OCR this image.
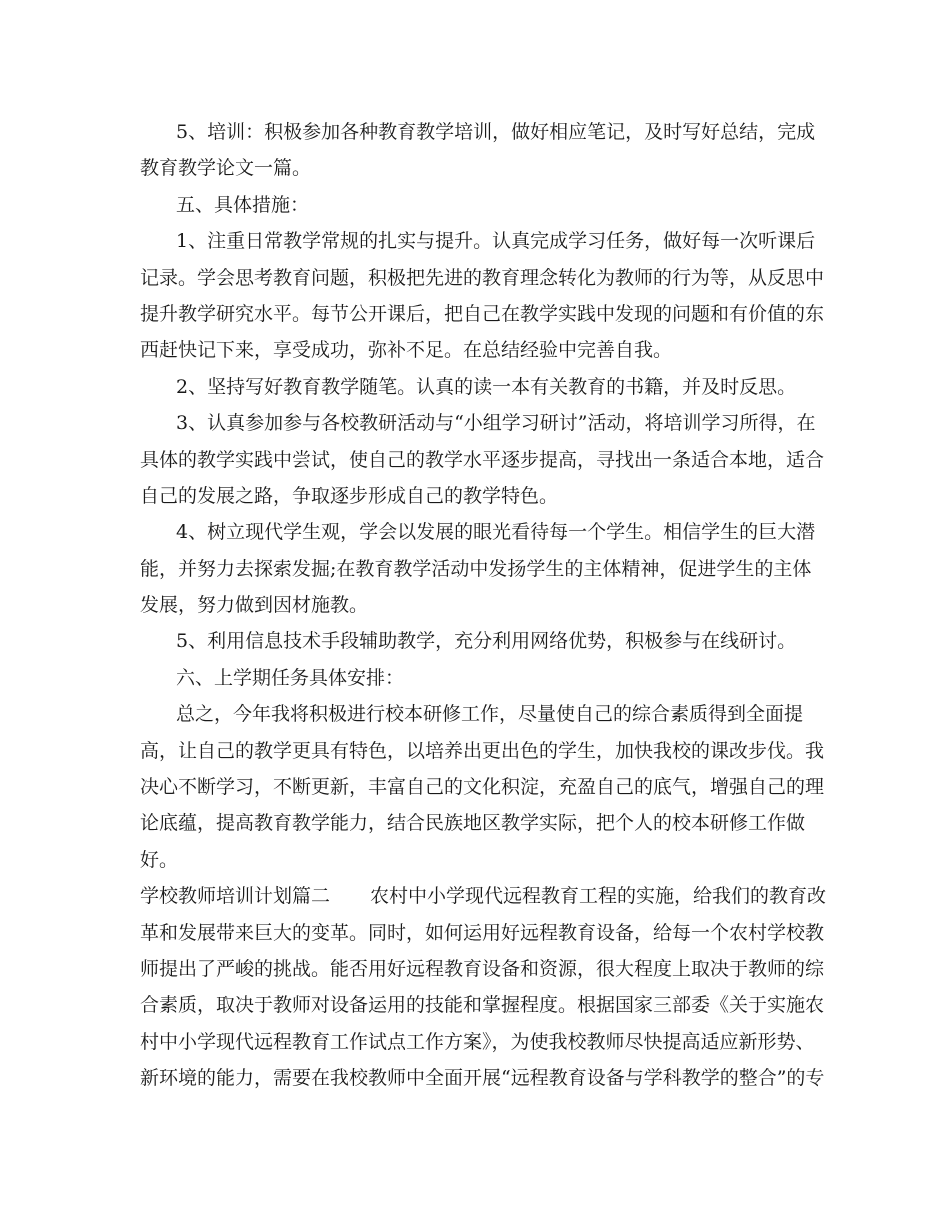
5、培训：积极参加各种教育教学培训，做好相应笔记，及时写好总结，完成
教育教学论文一篇。
五、具体措施：
1、注重日常教学常规的扎实与提升。认真完成学习任务，做好每一次听课后
记录。学会思考教育问题，积极把先进的教育理念转化为教师的行为等，从反思中
提升教学研究水平。每节公开课后，把自己在教学实践中发现的问题和有价值的东
西赶快记下来，享受成功，弥补不足。在总结经验中完善自我。
2、坚持写好教育教学随笔。认真的读一本有关教育的书籍，并及时反思。
3、认真参加参与各校教研活动与“小组学习研讨”活动，将培训学习所得，在
具体的教学实践中尝试，使自己的教学水平逐步提高，寻找出一条适合本地，适合
自己的发展之路，争取逐步形成自己的教学特色。
4、树立现代学生观，学会以发展的眼光看待每一个学生。相信学生的巨大潜
能，并努力去探索发掘;在教育教学活动中发扬学生的主体精神，促进学生的主体
发展，努力做到因材施教。
5、利用信息技术手段辅助教学，充分利用网络优势，积极参与在线研讨。
六、上学期任务具体安排：
总之，今年我将积极进行校本研修工作，尽量使自己的综合素质得到全面提
高，让自己的教学更具有特色，以培养出更出色的学生，加快我校的课改步伐。我
决心不断学习，不断更新，丰富自己的文化积淀，充盈自己的底气，增强自己的理
论底蕴，提高教育教学能力，结合民族地区教学实际，把个人的校本研修工作做
好。
学校教师培训计划篇二 农村中小学现代远程教育工程的实施，给我们的教育改
革和发展带来巨大的变革。同时，如何运用好远程教育设备，给每一个农村学校教
师提出了严峻的挑战。能否用好远程教育设备和资源，很大程度上取决于教师的综
合素质，取决于教师对设备运用的技能和掌握程度。根据国家三部委《关于实施农
村中小学现代远程教育工作试点工作方案》，为使我校教师尽快提高适应新形势、
新环境的能力，需要在我校教师中全面开展“远程教育设备与学科教学的整合”的专
